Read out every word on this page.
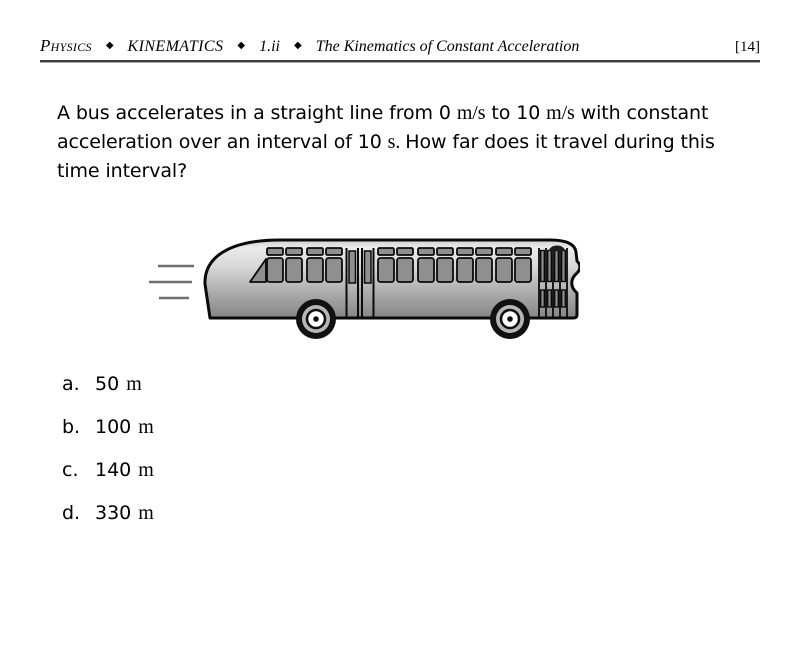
Physics ◆ KINEMATICS ◆ 1.ii ◆ The Kinematics of Constant Acceleration	[14]
A bus accelerates in a straight line from 0 m/s to 10 m/s with constant acceleration over an interval of 10 s. How far does it travel during this time interval?
a. 50 m
b. 100 m
c. 140 m
d. 330 m
